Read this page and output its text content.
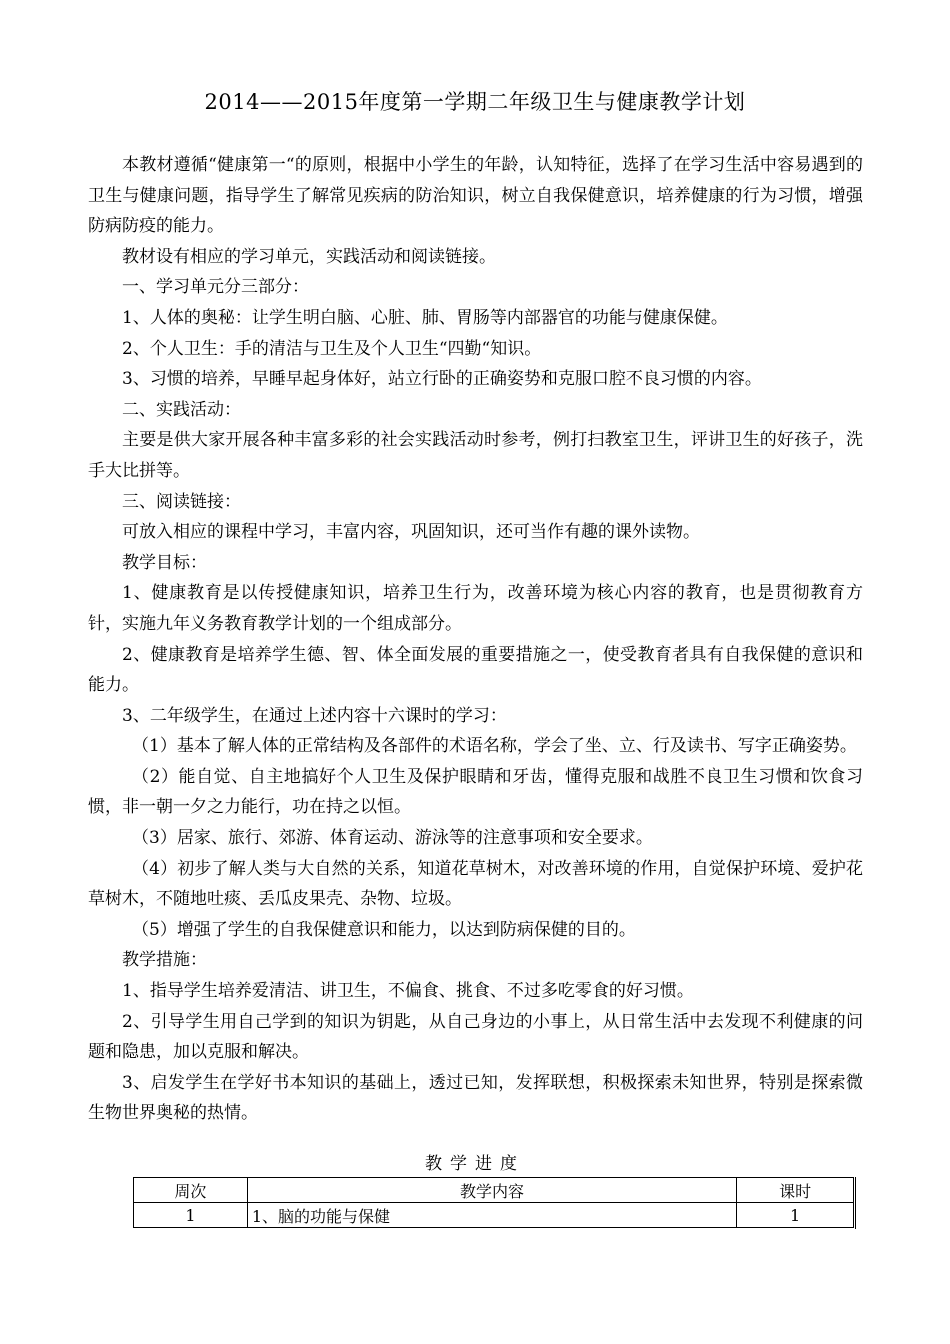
2014——2015年度第一学期二年级卫生与健康教学计划

本教材遵循“健康第一“的原则，根据中小学生的年龄，认知特征，选择了在学习生活中容易遇到的卫生与健康问题，指导学生了解常见疾病的防治知识，树立自我保健意识，培养健康的行为习惯，增强防病防疫的能力。

教材设有相应的学习单元，实践活动和阅读链接。

一、学习单元分三部分：

1、人体的奥秘：让学生明白脑、心脏、肺、胃肠等内部器官的功能与健康保健。

2、个人卫生：手的清洁与卫生及个人卫生“四勤“知识。

3、习惯的培养，早睡早起身体好，站立行卧的正确姿势和克服口腔不良习惯的内容。

二、实践活动：

主要是供大家开展各种丰富多彩的社会实践活动时参考，例打扫教室卫生，评讲卫生的好孩子，洗手大比拼等。

三、阅读链接：

可放入相应的课程中学习，丰富内容，巩固知识，还可当作有趣的课外读物。

教学目标：

1、健康教育是以传授健康知识，培养卫生行为，改善环境为核心内容的教育，也是贯彻教育方针，实施九年义务教育教学计划的一个组成部分。

2、健康教育是培养学生德、智、体全面发展的重要措施之一，使受教育者具有自我保健的意识和能力。

3、二年级学生，在通过上述内容十六课时的学习：

（1）基本了解人体的正常结构及各部件的术语名称，学会了坐、立、行及读书、写字正确姿势。

（2）能自觉、自主地搞好个人卫生及保护眼睛和牙齿，懂得克服和战胜不良卫生习惯和饮食习惯，非一朝一夕之力能行，功在持之以恒。

（3）居家、旅行、郊游、体育运动、游泳等的注意事项和安全要求。

（4）初步了解人类与大自然的关系，知道花草树木，对改善环境的作用，自觉保护环境、爱护花草树木，不随地吐痰、丢瓜皮果壳、杂物、垃圾。

（5）增强了学生的自我保健意识和能力，以达到防病保健的目的。

教学措施：

1、指导学生培养爱清洁、讲卫生，不偏食、挑食、不过多吃零食的好习惯。

2、引导学生用自己学到的知识为钥匙，从自己身边的小事上，从日常生活中去发现不利健康的问题和隐患，加以克服和解决。

3、启发学生在学好书本知识的基础上，透过已知，发挥联想，积极探索未知世界，特别是探索微生物世界奥秘的热情。

教学进度
周次	教学内容	课时
1	1、脑的功能与保健	1
